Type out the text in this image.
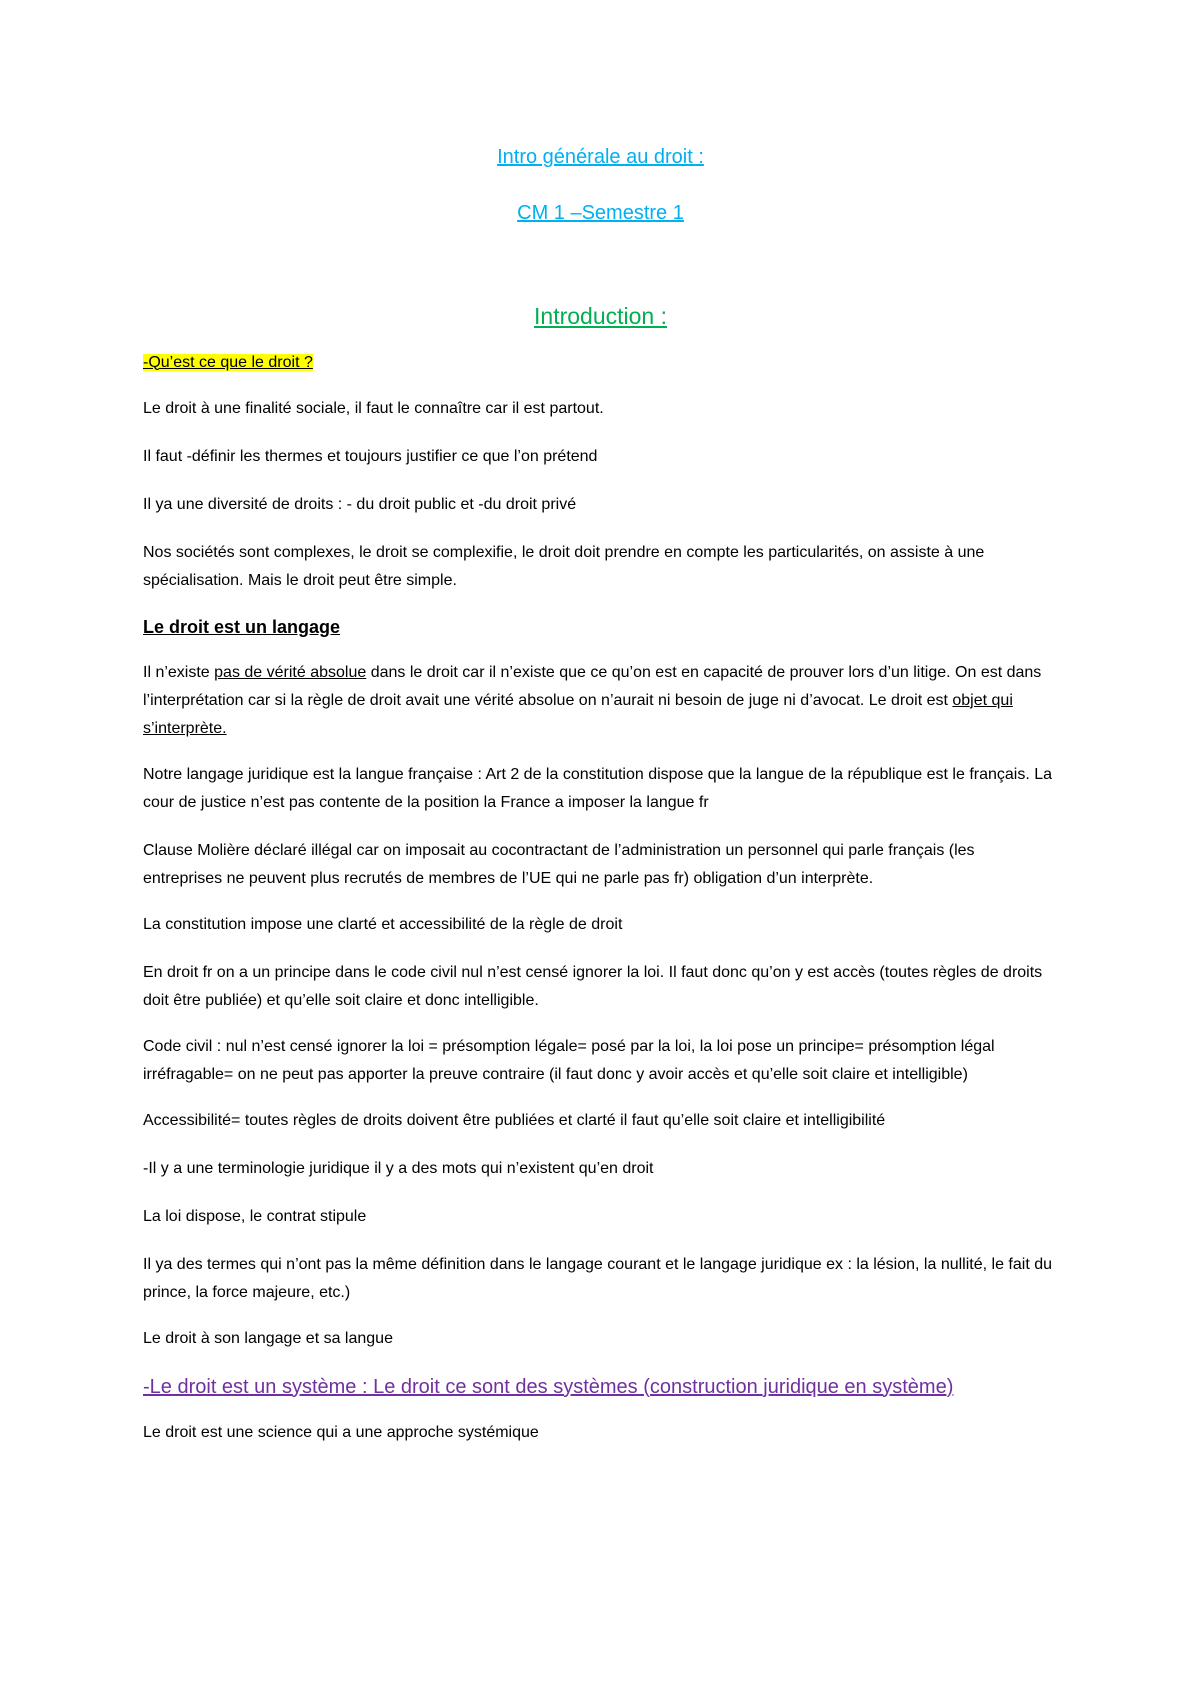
Intro générale au droit :
CM 1 –Semestre 1
Introduction :

-Qu’est ce que le droit ?

Le droit à une finalité sociale, il faut le connaître car il est partout.

Il faut -définir les thermes et toujours justifier ce que l’on prétend

Il ya une diversité de droits : - du droit public et -du droit privé

Nos sociétés sont complexes, le droit se complexifie, le droit doit prendre en compte les particularités, on assiste à une spécialisation. Mais le droit peut être simple.

Le droit est un langage

Il n’existe pas de vérité absolue dans le droit car il n’existe que ce qu’on est en capacité de prouver lors d’un litige. On est dans l’interprétation car si la règle de droit avait une vérité absolue on n’aurait ni besoin de juge ni d’avocat. Le droit est objet qui s’interprète.

Notre langage juridique est la langue française : Art 2 de la constitution dispose que la langue de la république est le français. La cour de justice n’est pas contente de la position la France a imposer la langue fr

Clause Molière déclaré illégal car on imposait au cocontractant de l’administration un personnel qui parle français (les entreprises ne peuvent plus recrutés de membres de l’UE qui ne parle pas fr) obligation d’un interprète.

La constitution impose une clarté et accessibilité de la règle de droit

En droit fr on a un principe dans le code civil nul n’est censé ignorer la loi. Il faut donc qu’on y est accès (toutes règles de droits doit être publiée) et qu’elle soit claire et donc intelligible.

Code civil : nul n’est censé ignorer la loi = présomption légale= posé par la loi, la loi pose un principe= présomption légal irréfragable= on ne peut pas apporter la preuve contraire (il faut donc y avoir accès et qu’elle soit claire et intelligible)

Accessibilité= toutes règles de droits doivent être publiées et clarté il faut qu’elle soit claire et intelligibilité

-Il y a une terminologie juridique il y a des mots qui n’existent qu’en droit

La loi dispose, le contrat stipule

Il ya des termes qui n’ont pas la même définition dans le langage courant et le langage juridique ex : la lésion, la nullité, le fait du prince, la force majeure, etc.)

Le droit à son langage et sa langue

-Le droit est un système : Le droit ce sont des systèmes (construction juridique en système)

Le droit est une science qui a une approche systémique
